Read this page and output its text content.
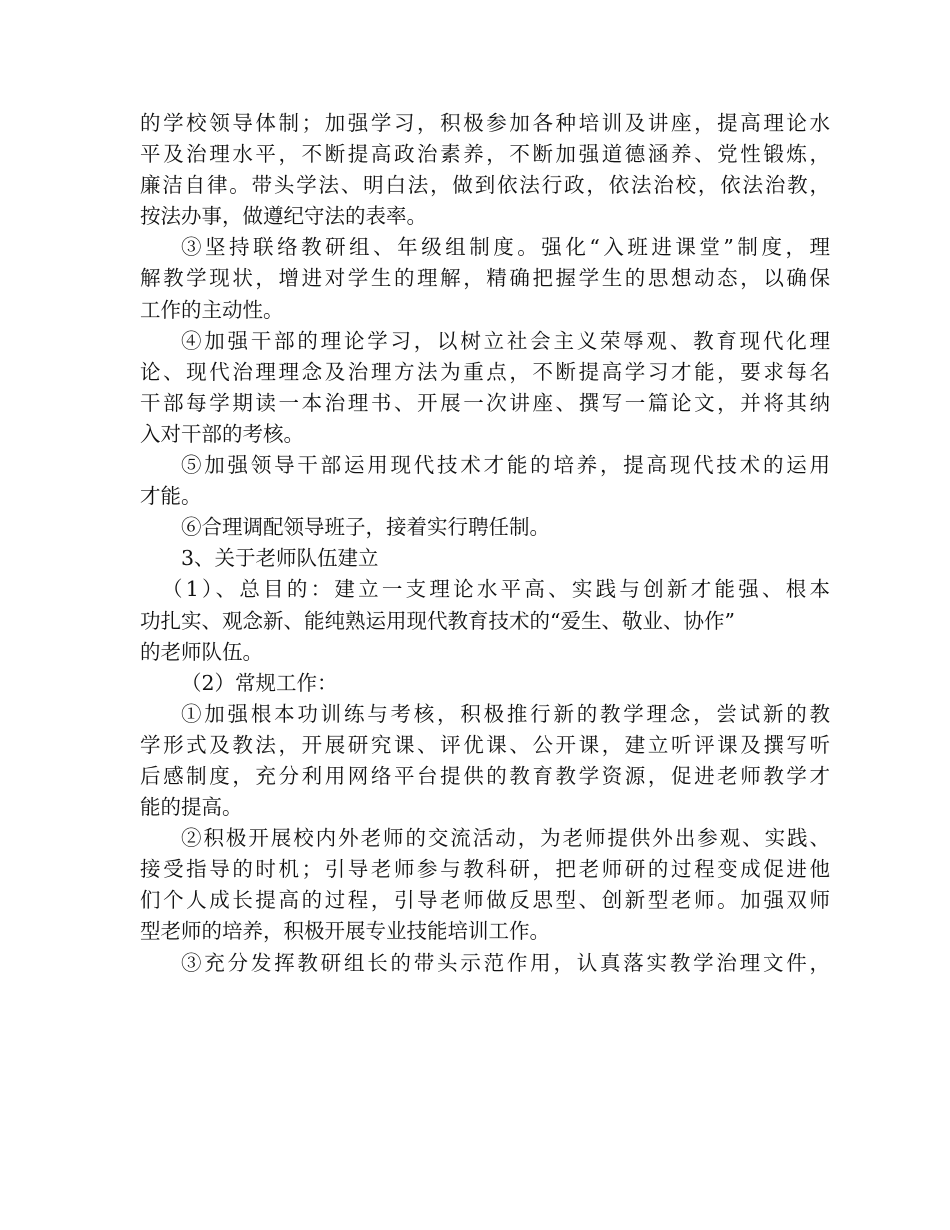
的学校领导体制；加强学习，积极参加各种培训及讲座，提高理论水
平及治理水平，不断提高政治素养，不断加强道德涵养、党性锻炼，
廉洁自律。带头学法、明白法，做到依法行政，依法治校，依法治教，
按法办事，做遵纪守法的表率。
③坚持联络教研组、年级组制度。强化“入班进课堂”制度，理
解教学现状，增进对学生的理解，精确把握学生的思想动态，以确保
工作的主动性。
④加强干部的理论学习，以树立社会主义荣辱观、教育现代化理
论、现代治理理念及治理方法为重点，不断提高学习才能，要求每名
干部每学期读一本治理书、开展一次讲座、撰写一篇论文，并将其纳
入对干部的考核。
⑤加强领导干部运用现代技术才能的培养，提高现代技术的运用
才能。
⑥合理调配领导班子，接着实行聘任制。
3、关于老师队伍建立
（1）、总目的：建立一支理论水平高、实践与创新才能强、根本
功扎实、观念新、能纯熟运用现代教育技术的“爱生、敬业、协作”
的老师队伍。
（2）常规工作：
①加强根本功训练与考核，积极推行新的教学理念，尝试新的教
学形式及教法，开展研究课、评优课、公开课，建立听评课及撰写听
后感制度，充分利用网络平台提供的教育教学资源，促进老师教学才
能的提高。
②积极开展校内外老师的交流活动，为老师提供外出参观、实践、
接受指导的时机；引导老师参与教科研，把老师研的过程变成促进他
们个人成长提高的过程，引导老师做反思型、创新型老师。加强双师
型老师的培养，积极开展专业技能培训工作。
③充分发挥教研组长的带头示范作用，认真落实教学治理文件，
